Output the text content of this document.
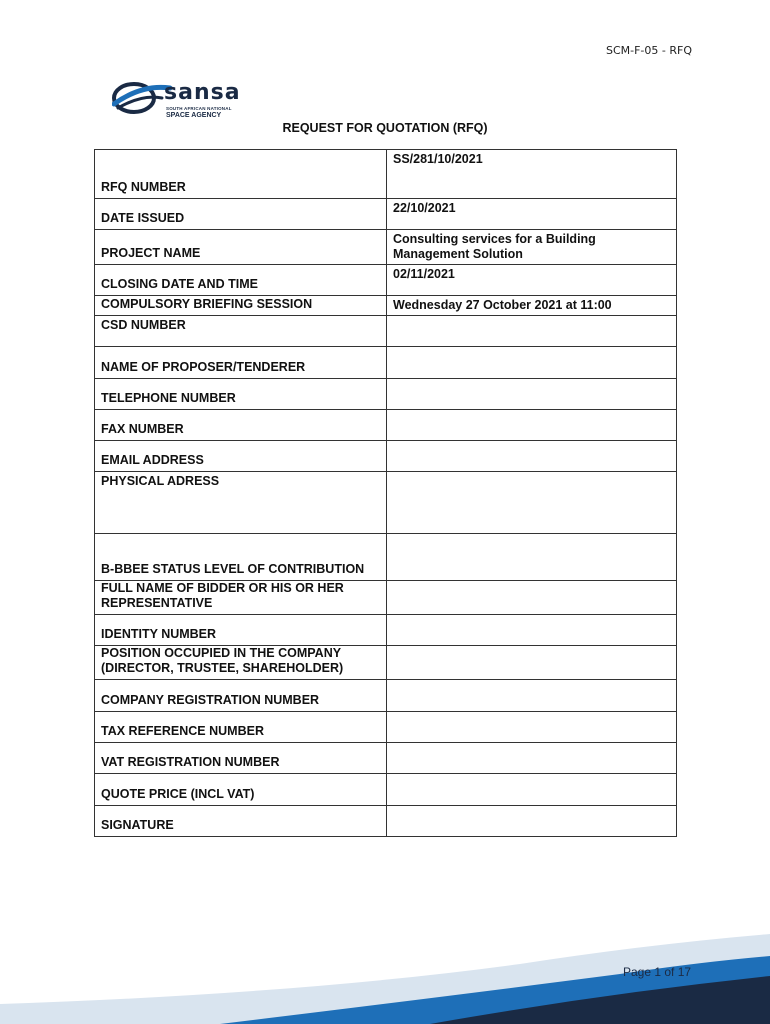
SCM-F-05 - RFQ
sansa
SOUTH AFRICAN NATIONAL
SPACE AGENCY
REQUEST FOR QUOTATION (RFQ)
RFQ NUMBER	SS/281/10/2021
DATE ISSUED	22/10/2021
PROJECT NAME	Consulting services for a Building Management Solution
CLOSING DATE AND TIME	02/11/2021
COMPULSORY BRIEFING SESSION	Wednesday 27 October 2021 at 11:00
CSD NUMBER	
NAME OF PROPOSER/TENDERER	
TELEPHONE NUMBER	
FAX NUMBER	
EMAIL ADDRESS	
PHYSICAL ADRESS	
B-BBEE STATUS LEVEL OF CONTRIBUTION	
FULL NAME OF BIDDER OR HIS OR HER REPRESENTATIVE	
IDENTITY NUMBER	
POSITION OCCUPIED IN THE COMPANY (DIRECTOR, TRUSTEE, SHAREHOLDER)	
COMPANY REGISTRATION NUMBER	
TAX REFERENCE NUMBER	
VAT REGISTRATION NUMBER	
QUOTE PRICE (INCL VAT)	
SIGNATURE	
Page 1 of 17
